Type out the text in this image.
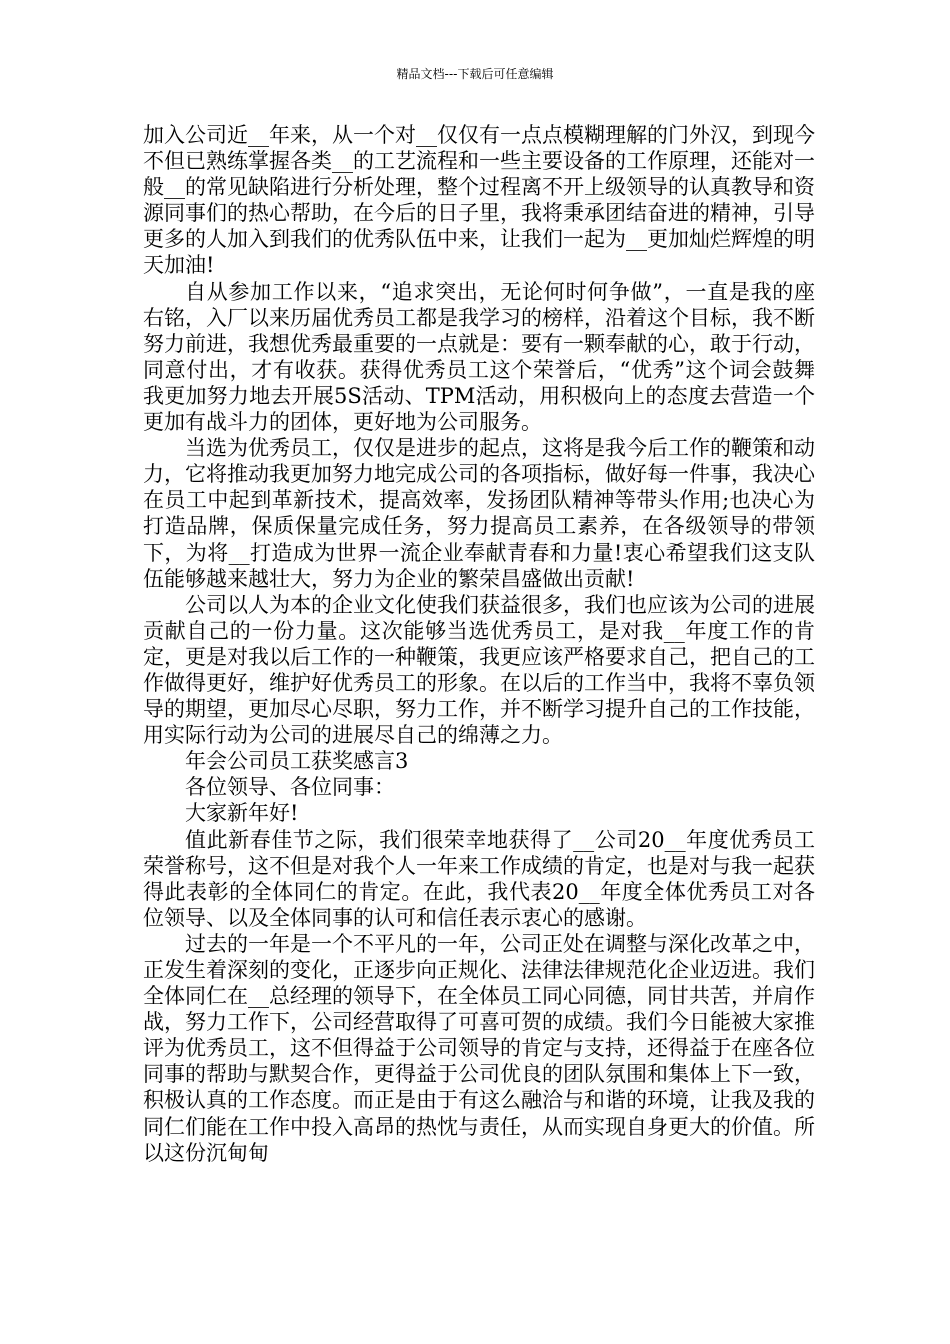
精品文档---下载后可任意编辑

加入公司近__年来，从一个对__仅仅有一点点模糊理解的门外汉，到现今不但已熟练掌握各类__的工艺流程和一些主要设备的工作原理，还能对一般__的常见缺陷进行分析处理，整个过程离不开上级领导的认真教导和资源同事们的热心帮助，在今后的日子里，我将秉承团结奋进的精神，引导更多的人加入到我们的优秀队伍中来，让我们一起为__更加灿烂辉煌的明天加油!

自从参加工作以来，“追求突出，无论何时何争做”，一直是我的座右铭，入厂以来历届优秀员工都是我学习的榜样，沿着这个目标，我不断努力前进，我想优秀最重要的一点就是：要有一颗奉献的心，敢于行动，同意付出，才有收获。获得优秀员工这个荣誉后，“优秀”这个词会鼓舞我更加努力地去开展5S活动、TPM活动，用积极向上的态度去营造一个更加有战斗力的团体，更好地为公司服务。

当选为优秀员工，仅仅是进步的起点，这将是我今后工作的鞭策和动力，它将推动我更加努力地完成公司的各项指标，做好每一件事，我决心在员工中起到革新技术，提高效率，发扬团队精神等带头作用;也决心为打造品牌，保质保量完成任务，努力提高员工素养，在各级领导的带领下，为将__打造成为世界一流企业奉献青春和力量!衷心希望我们这支队伍能够越来越壮大，努力为企业的繁荣昌盛做出贡献!

公司以人为本的企业文化使我们获益很多，我们也应该为公司的进展贡献自己的一份力量。这次能够当选优秀员工，是对我__年度工作的肯定，更是对我以后工作的一种鞭策，我更应该严格要求自己，把自己的工作做得更好，维护好优秀员工的形象。在以后的工作当中，我将不辜负领导的期望，更加尽心尽职，努力工作，并不断学习提升自己的工作技能，用实际行动为公司的进展尽自己的绵薄之力。

年会公司员工获奖感言3

各位领导、各位同事：

大家新年好!

值此新春佳节之际，我们很荣幸地获得了__公司20__年度优秀员工荣誉称号，这不但是对我个人一年来工作成绩的肯定，也是对与我一起获得此表彰的全体同仁的肯定。在此，我代表20__年度全体优秀员工对各位领导、以及全体同事的认可和信任表示衷心的感谢。

过去的一年是一个不平凡的一年，公司正处在调整与深化改革之中，正发生着深刻的变化，正逐步向正规化、法律法律规范化企业迈进。我们全体同仁在__总经理的领导下，在全体员工同心同德，同甘共苦，并肩作战，努力工作下，公司经营取得了可喜可贺的成绩。我们今日能被大家推评为优秀员工，这不但得益于公司领导的肯定与支持，还得益于在座各位同事的帮助与默契合作，更得益于公司优良的团队氛围和集体上下一致，积极认真的工作态度。而正是由于有这么融洽与和谐的环境，让我及我的同仁们能在工作中投入高昂的热忱与责任，从而实现自身更大的价值。所以这份沉甸甸
